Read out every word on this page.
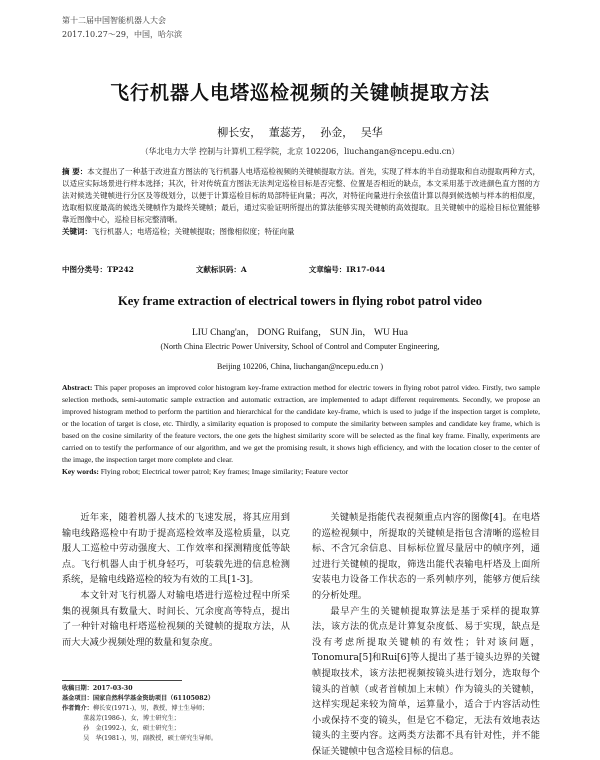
第十二届中国智能机器人大会
2017.10.27～29，中国，哈尔滨
飞行机器人电塔巡检视频的关键帧提取方法
柳长安， 董蕊芳， 孙金， 吴华
（华北电力大学 控制与计算机工程学院，北京 102206，liuchangan@ncepu.edu.cn）
摘 要：本文提出了一种基于改进直方图法的飞行机器人电塔巡检视频的关键帧提取方法。首先，实现了样本的半自动提取和自动提取两种方式，以适应实际场景进行样本选择；其次，针对传统直方图法无法判定巡检目标是否完整、位置是否相近的缺点，本文采用基于改进颜色直方图的方法对候选关键帧进行分区及等级划分，以便于计算巡检目标的局部特征向量；再次，对特征向量进行余弦值计算以得到候选帧与样本的相似度，选取相似度最高的候选关键帧作为最终关键帧；最后，通过实验证明所提出的算法能够实现关键帧的高效提取。且关键帧中的巡检目标位置能够靠近图像中心，巡检目标完整清晰。
关键词：飞行机器人；电塔巡检；关键帧提取；图像相似度；特征向量
中图分类号：TP242	文献标识码：A	文章编号：IR17-044
Key frame extraction of electrical towers in flying robot patrol video
LIU Chang'an， DONG Ruifang， SUN Jin， WU Hua
(North China Electric Power University, School of Control and Computer Engineering,
Beijing 102206, China, liuchangan@ncepu.edu.cn )
Abstract: This paper proposes an improved color histogram key-frame extraction method for electric towers in flying robot patrol video. Firstly, two sample selection methods, semi-automatic sample extraction and automatic extraction, are implemented to adapt different requirements. Secondly, we propose an improved histogram method to perform the partition and hierarchical for the candidate key-frame, which is used to judge if the inspection target is complete, or the location of target is close, etc. Thirdly, a similarity equation is proposed to compute the similarity between samples and candidate key frame, which is based on the cosine similarity of the feature vectors, the one gets the highest similarity score will be selected as the final key frame. Finally, experiments are carried on to testify the performance of our algorithm, and we get the promising result, it shows high efficiency, and with the location closer to the center of the image, the inspection target more complete and clear.
Key words: Flying robot; Electrical tower patrol; Key frames; Image similarity; Feature vector

近年来，随着机器人技术的飞速发展，将其应用到输电线路巡检中有助于提高巡检效率及巡检质量，以克服人工巡检中劳动强度大、工作效率和探测精度低等缺点。飞行机器人由于机身轻巧，可装载先进的信息检测系统，是输电线路巡检的较为有效的工具[1-3]。

本文针对飞行机器人对输电塔进行巡检过程中所采集的视频具有数量大、时间长、冗余度高等特点，提出了一种针对输电杆塔巡检视频的关键帧的提取方法，从而大大减少视频处理的数量和复杂度。

关键帧是指能代表视频重点内容的图像[4]。在电塔的巡检视频中，所提取的关键帧是指包含清晰的巡检目标、不含冗余信息、目标标位置尽量居中的帧序列，通过进行关键帧的提取，筛选出能代表输电杆塔及上面所安装电力设备工作状态的一系列帧序列，能够方便后续的分析处理。

最早产生的关键帧提取算法是基于采样的提取算法，该方法的优点是计算复杂度低、易于实现，缺点是没有考虑所提取关键帧的有效性；针对该问题，Tonomura[5]和Rui[6]等人提出了基于镜头边界的关键帧提取技术，该方法把视频按镜头进行划分，选取每个镜头的首帧（或者首帧加上末帧）作为镜头的关键帧，这样实现起来较为简单，运算量小，适合于内容活动性小或保持不变的镜头，但是它不稳定，无法有效地表达镜头的主要内容。这两类方法都不具有针对性，并不能保证关键帧中包含巡检目标的信息。

收稿日期：2017-03-30
基金项目：国家自然科学基金资助项目（61105082）
作者简介：柳长安(1971-)，男，教授，博士生导师；
董蕊芳(1986-)，女，博士研究生；
孙　金(1992-)，女，硕士研究生；
吴　华(1981-)，男，副教授，硕士研究生导师。
